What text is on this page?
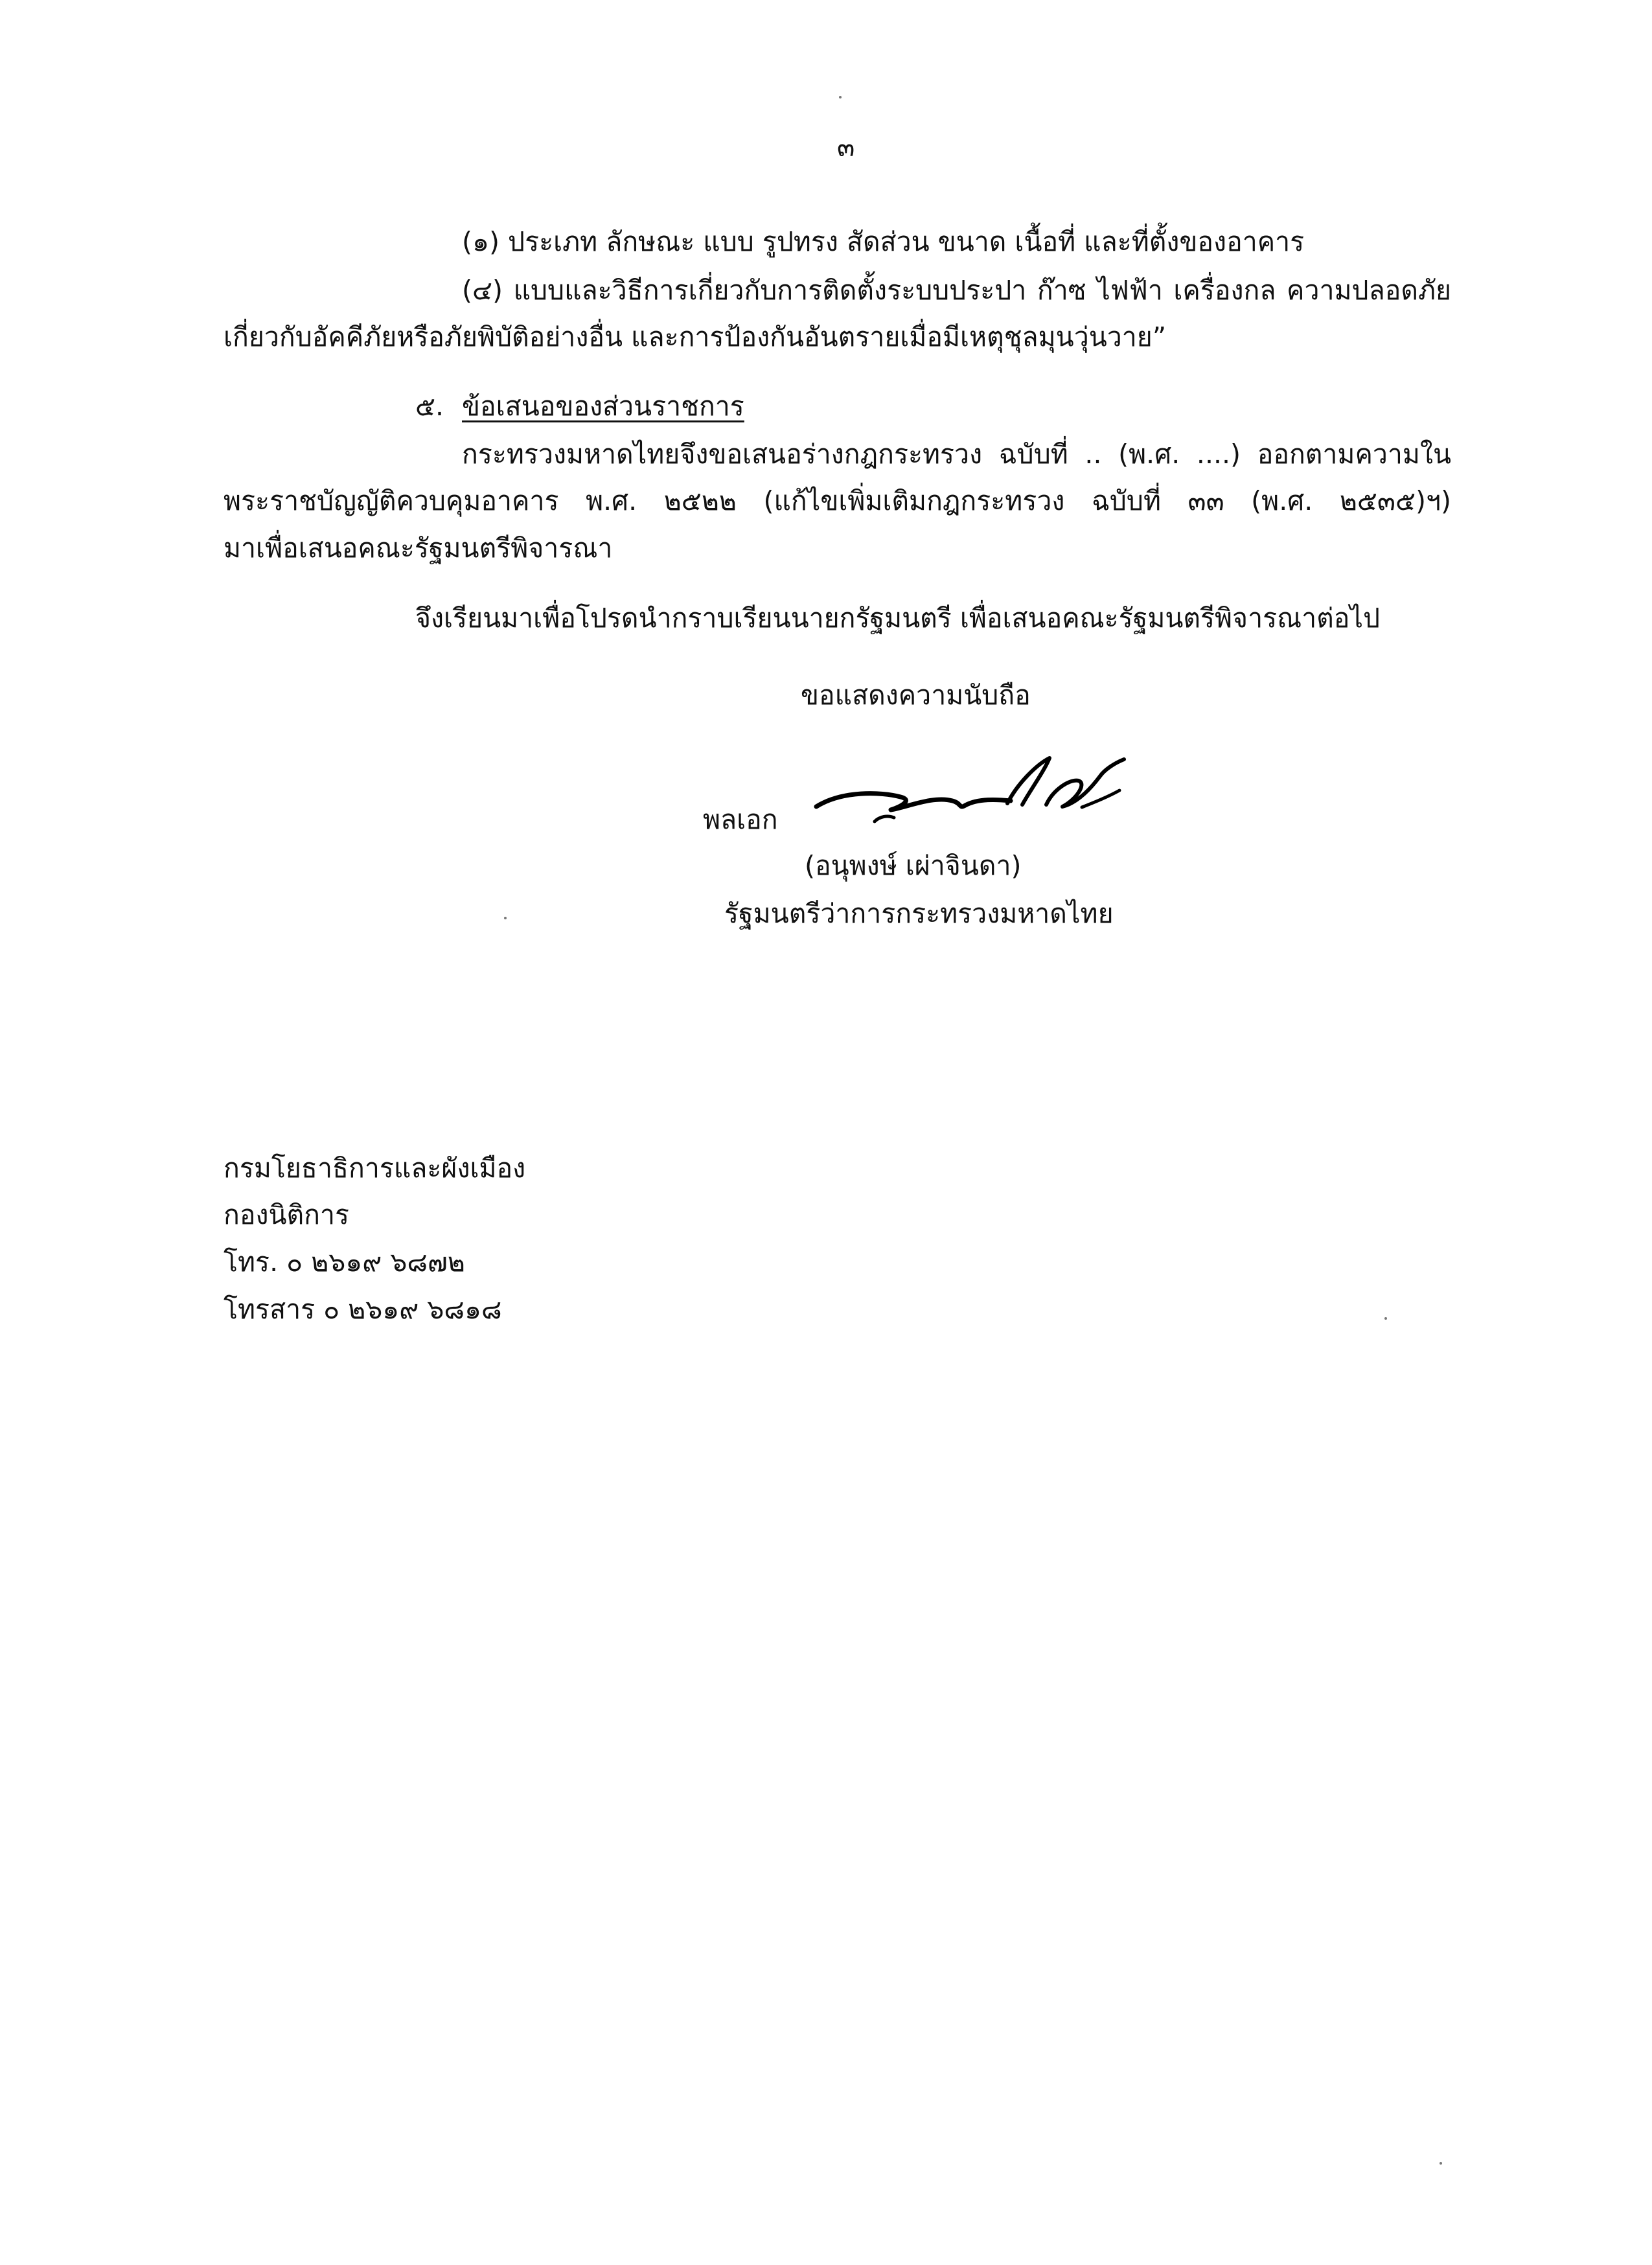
๓
(๑) ประเภท ลักษณะ แบบ รูปทรง สัดส่วน ขนาด เนื้อที่ และที่ตั้งของอาคาร
(๔) แบบและวิธีการเกี่ยวกับการติดตั้งระบบประปา ก๊าซ ไฟฟ้า เครื่องกล ความปลอดภัย
เกี่ยวกับอัคคีภัยหรือภัยพิบัติอย่างอื่น และการป้องกันอันตรายเมื่อมีเหตุชุลมุนวุ่นวาย”
๕. ข้อเสนอของส่วนราชการ
กระทรวงมหาดไทยจึงขอเสนอร่างกฎกระทรวง ฉบับที่ .. (พ.ศ. ....) ออกตามความใน
พระราชบัญญัติควบคุมอาคาร พ.ศ. ๒๕๒๒ (แก้ไขเพิ่มเติมกฎกระทรวง ฉบับที่ ๓๓ (พ.ศ. ๒๕๓๕)ฯ)
มาเพื่อเสนอคณะรัฐมนตรีพิจารณา
จึงเรียนมาเพื่อโปรดนำกราบเรียนนายกรัฐมนตรี เพื่อเสนอคณะรัฐมนตรีพิจารณาต่อไป
ขอแสดงความนับถือ
พลเอก
(อนุพงษ์ เผ่าจินดา)
รัฐมนตรีว่าการกระทรวงมหาดไทย
กรมโยธาธิการและผังเมือง
กองนิติการ
โทร. ๐ ๒๖๑๙ ๖๘๗๒
โทรสาร ๐ ๒๖๑๙ ๖๘๑๘
